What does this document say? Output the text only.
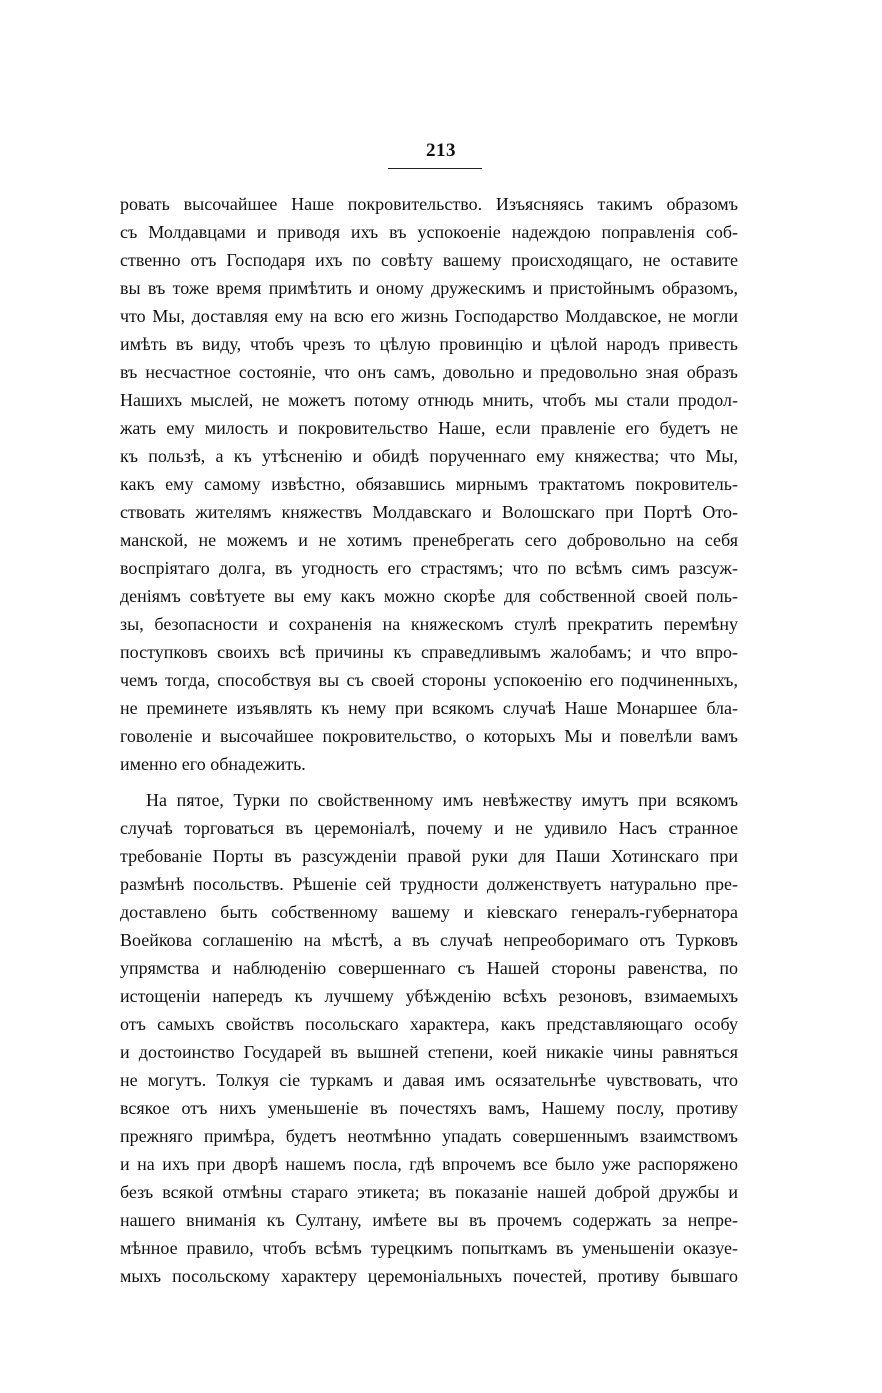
213
ровать высочайшее Наше покровительство. Изъясняясь такимъ образомъ
съ Молдавцами и приводя ихъ въ успокоеніе надеждою поправленія соб-
ственно отъ Господаря ихъ по совѣту вашему происходящаго, не оставите
вы въ тоже время примѣтить и оному дружескимъ и пристойнымъ образомъ,
что Мы, доставляя ему на всю его жизнь Господарство Молдавское, не могли
имѣть въ виду, чтобъ чрезъ то цѣлую провинцію и цѣлой народъ привесть
въ несчастное состояніе, что онъ самъ, довольно и предовольно зная образъ
Нашихъ мыслей, не можетъ потому отнюдь мнить, чтобъ мы стали продол-
жать ему милость и покровительство Наше, если правленіе его будетъ не
къ пользѣ, а къ утѣсненію и обидѣ порученнаго ему княжества; что Мы,
какъ ему самому извѣстно, обязавшись мирнымъ трактатомъ покровитель-
ствовать жителямъ княжествъ Молдавскаго и Волошскаго при Портѣ Ото-
манской, не можемъ и не хотимъ пренебрегать сего добровольно на себя
воспріятаго долга, въ угодность его страстямъ; что по всѣмъ симъ разсуж-
деніямъ совѣтуете вы ему какъ можно скорѣе для собственной своей поль-
зы, безопасности и сохраненія на княжескомъ стулѣ прекратить перемѣну
поступковъ своихъ всѣ причины къ справедливымъ жалобамъ; и что впро-
чемъ тогда, способствуя вы съ своей стороны успокоенію его подчиненныхъ,
не преминете изъявлять къ нему при всякомъ случаѣ Наше Монаршее бла-
говоленіе и высочайшее покровительство, о которыхъ Мы и повелѣли вамъ
именно его обнадежить.
На пятое, Турки по свойственному имъ невѣжеству имутъ при всякомъ
случаѣ торговаться въ церемоніалѣ, почему и не удивило Насъ странное
требованіе Порты въ разсужденіи правой руки для Паши Хотинскаго при
размѣнѣ посольствъ. Рѣшеніе сей трудности долженствуетъ натурально пре-
доставлено быть собственному вашему и кіевскаго генералъ-губернатора
Воейкова соглашенію на мѣстѣ, а въ случаѣ непреоборимаго отъ Турковъ
упрямства и наблюденію совершеннаго съ Нашей стороны равенства, по
истощеніи напередъ къ лучшему убѣжденію всѣхъ резоновъ, взимаемыхъ
отъ самыхъ свойствъ посольскаго характера, какъ представляющаго особу
и достоинство Государей въ вышней степени, коей никакіе чины равняться
не могутъ. Толкуя сіе туркамъ и давая имъ осязательнѣе чувствовать, что
всякое отъ нихъ уменьшеніе въ почестяхъ вамъ, Нашему послу, противу
прежняго примѣра, будетъ неотмѣнно упадать совершеннымъ взаимствомъ
и на ихъ при дворѣ нашемъ посла, гдѣ впрочемъ все было уже распоряжено
безъ всякой отмѣны стараго этикета; въ показаніе нашей доброй дружбы и
нашего вниманія къ Султану, имѣете вы въ прочемъ содержать за непре-
мѣнное правило, чтобъ всѣмъ турецкимъ попыткамъ въ уменьшеніи оказуе-
мыхъ посольскому характеру церемоніальныхъ почестей, противу бывшаго
